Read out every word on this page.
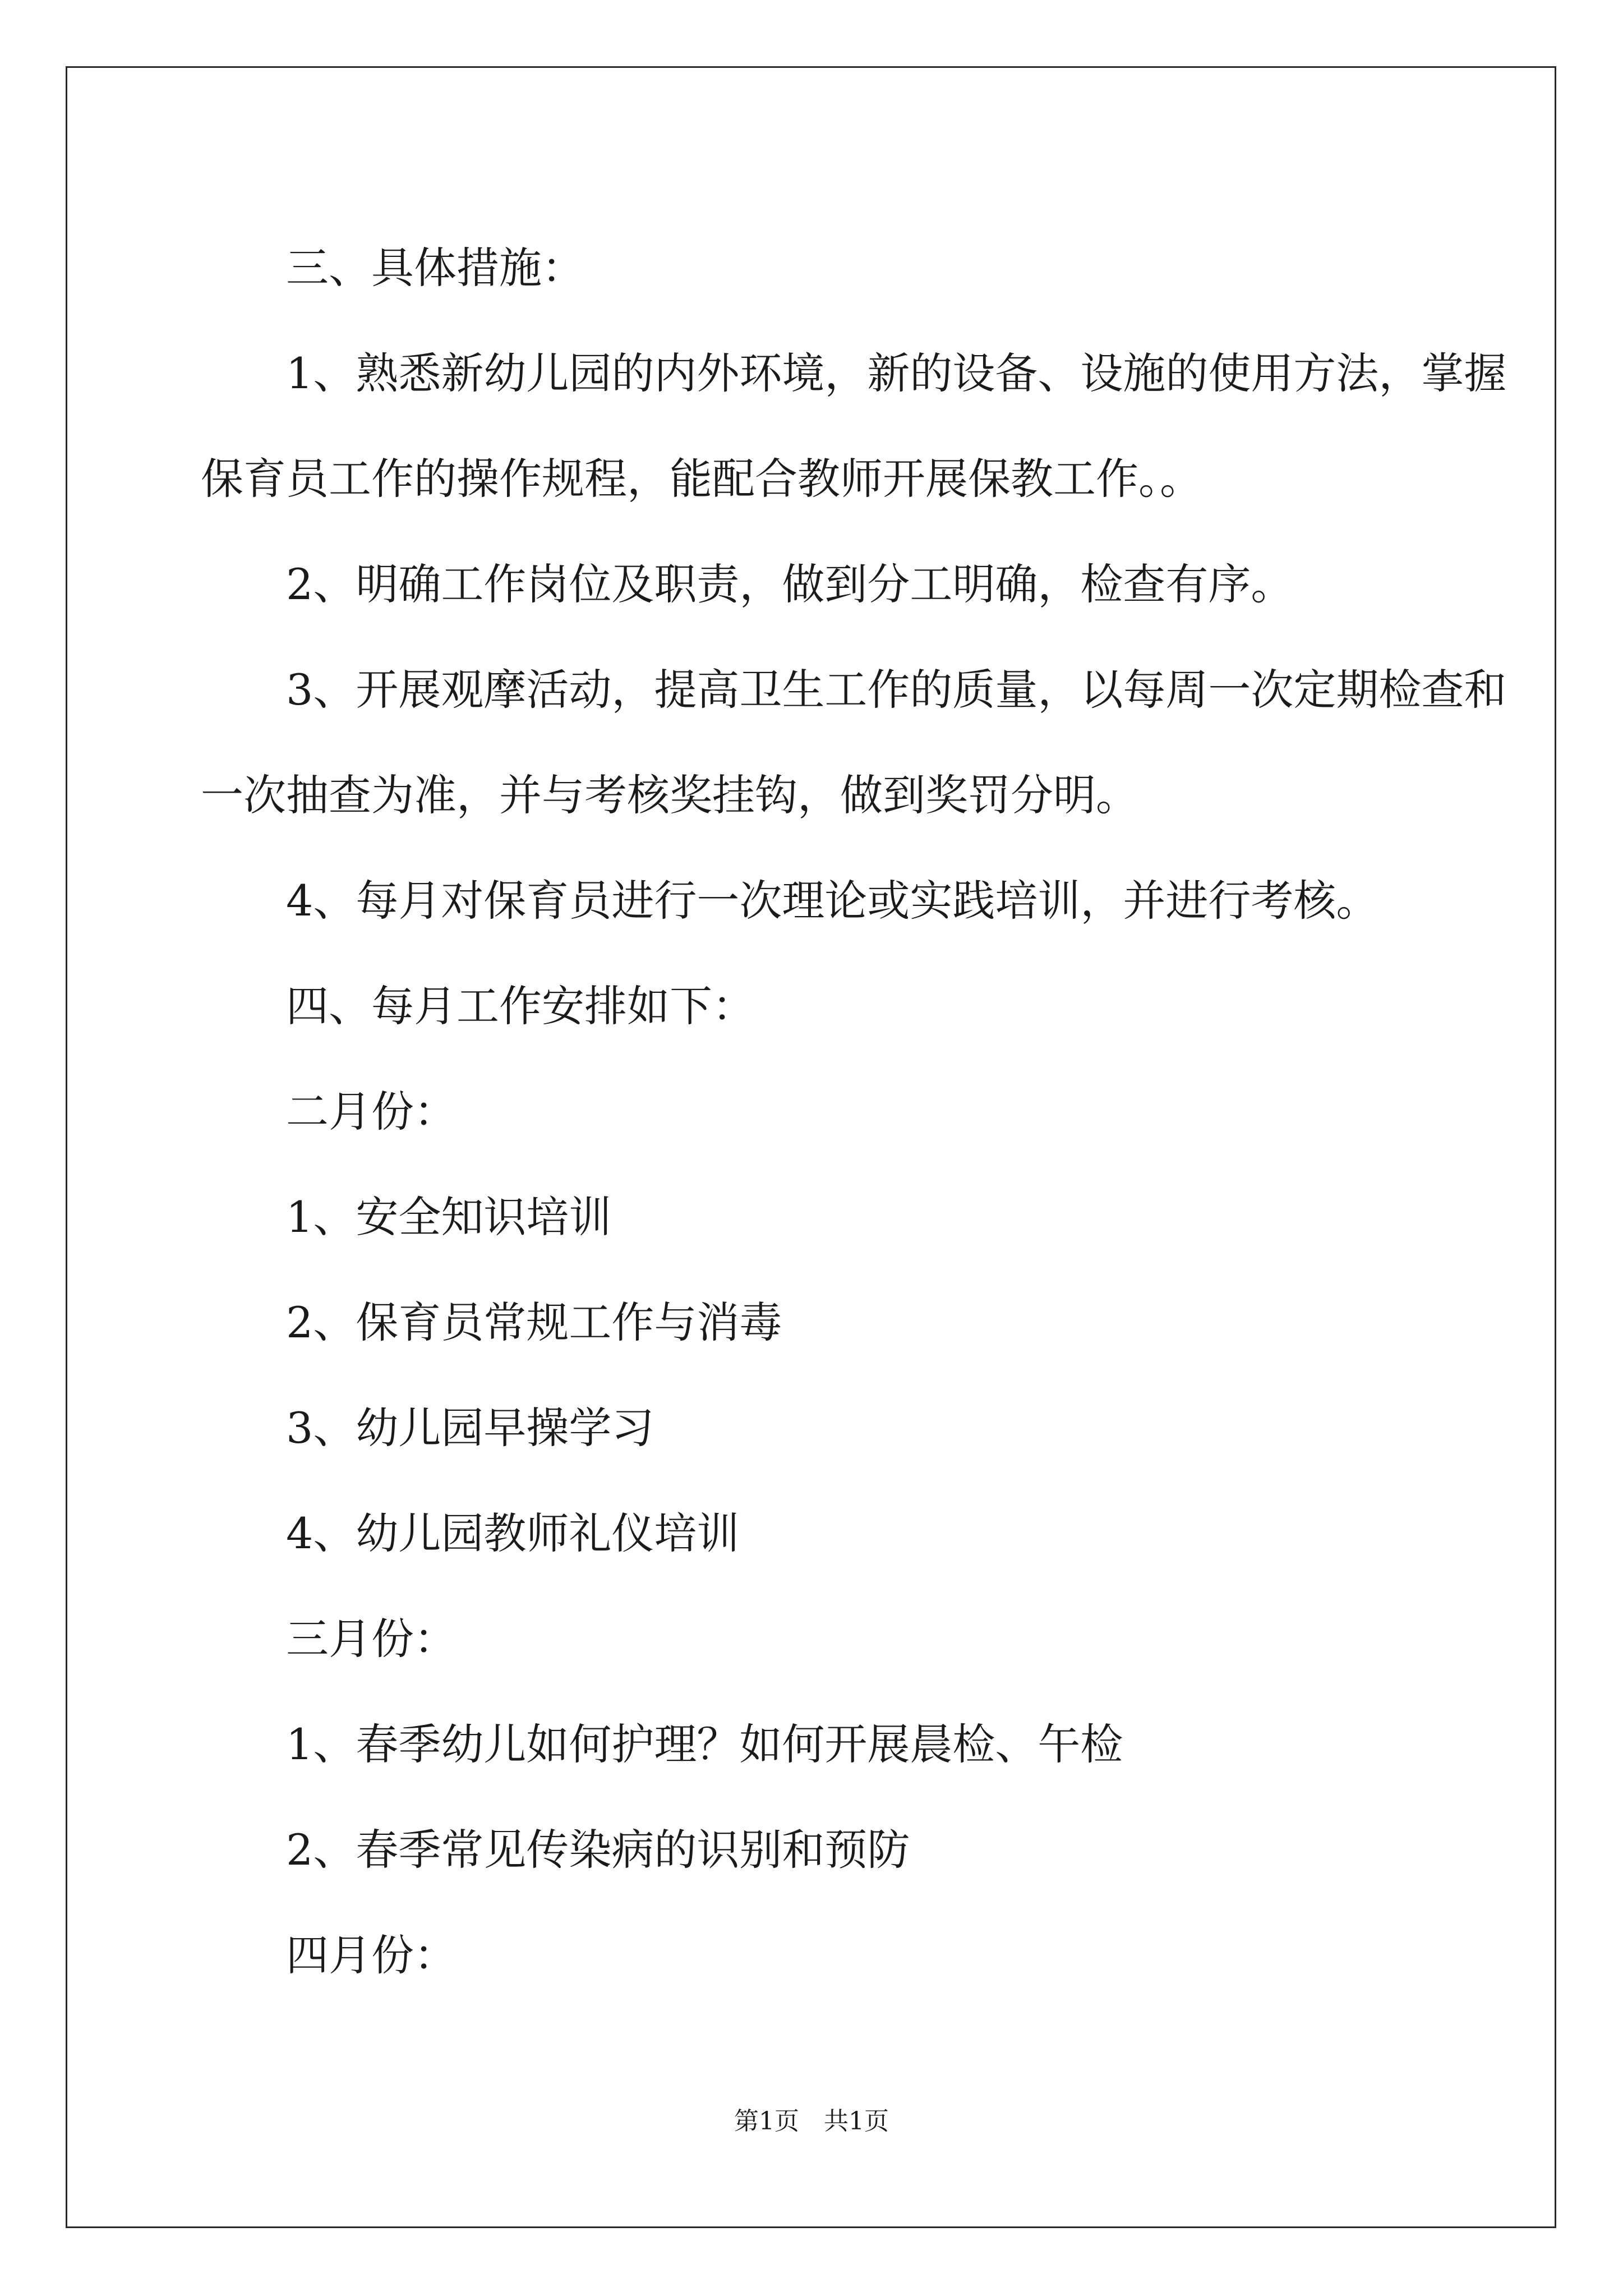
三、具体措施：

1、熟悉新幼儿园的内外环境，新的设备、设施的使用方法，掌握

保育员工作的操作规程，能配合教师开展保教工作。。

2、明确工作岗位及职责，做到分工明确，检查有序。

3、开展观摩活动，提高卫生工作的质量，以每周一次定期检查和

一次抽查为准，并与考核奖挂钩，做到奖罚分明。

4、每月对保育员进行一次理论或实践培训，并进行考核。

四、每月工作安排如下：

二月份：

1、安全知识培训

2、保育员常规工作与消毒

3、幼儿园早操学习

4、幼儿园教师礼仪培训

三月份：

1、春季幼儿如何护理？如何开展晨检、午检

2、春季常见传染病的识别和预防

四月份：

第1页　共1页
